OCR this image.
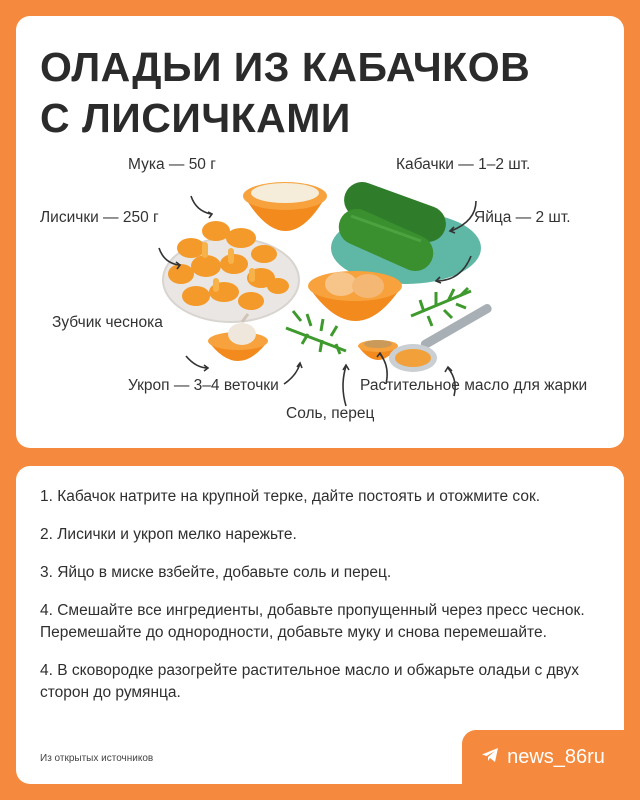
ОЛАДЬИ ИЗ КАБАЧКОВ
С ЛИСИЧКАМИ
Мука — 50 г	Кабачки — 1–2 шт.
Лисички — 250 г	Яйца — 2 шт.
Зубчик чеснока
Укроп — 3–4 веточки	Растительное масло для жарки
Соль, перец

1. Кабачок натрите на крупной терке, дайте постоять и отожмите сок.

2. Лисички и укроп мелко нарежьте.

3. Яйцо в миске взбейте, добавьте соль и перец.

4. Смешайте все ингредиенты, добавьте пропущенный через пресс чеснок. Перемешайте до однородности, добавьте муку и снова перемешайте.

4. В сковородке разогрейте растительное масло и обжарьте оладьи с двух сторон до румянца.

Из открытых источников	news_86ru
